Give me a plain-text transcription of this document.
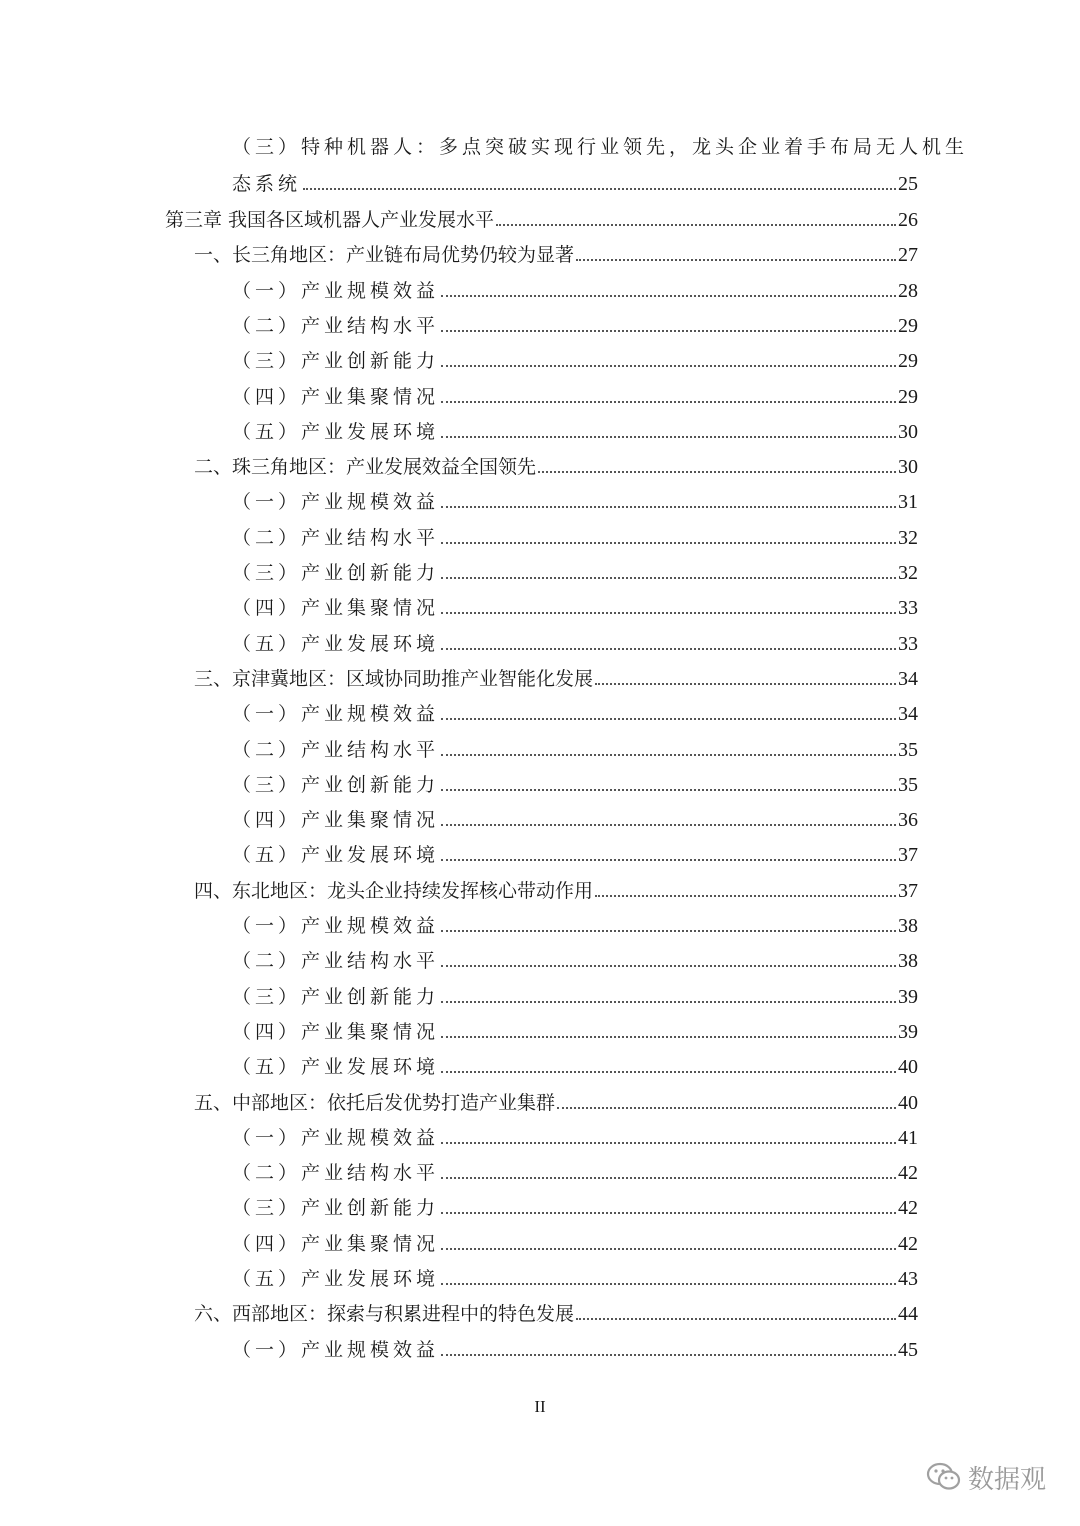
（三）特种机器人：多点突破实现行业领先，龙头企业着手布局无人机生
态系统	25
第三章 我国各区域机器人产业发展水平	26
一、长三角地区：产业链布局优势仍较为显著	27
（一）产业规模效益	28
（二）产业结构水平	29
（三）产业创新能力	29
（四）产业集聚情况	29
（五）产业发展环境	30
二、珠三角地区：产业发展效益全国领先	30
（一）产业规模效益	31
（二）产业结构水平	32
（三）产业创新能力	32
（四）产业集聚情况	33
（五）产业发展环境	33
三、京津冀地区：区域协同助推产业智能化发展	34
（一）产业规模效益	34
（二）产业结构水平	35
（三）产业创新能力	35
（四）产业集聚情况	36
（五）产业发展环境	37
四、东北地区：龙头企业持续发挥核心带动作用	37
（一）产业规模效益	38
（二）产业结构水平	38
（三）产业创新能力	39
（四）产业集聚情况	39
（五）产业发展环境	40
五、中部地区：依托后发优势打造产业集群	40
（一）产业规模效益	41
（二）产业结构水平	42
（三）产业创新能力	42
（四）产业集聚情况	42
（五）产业发展环境	43
六、西部地区：探索与积累进程中的特色发展	44
（一）产业规模效益	45
II
数据观
